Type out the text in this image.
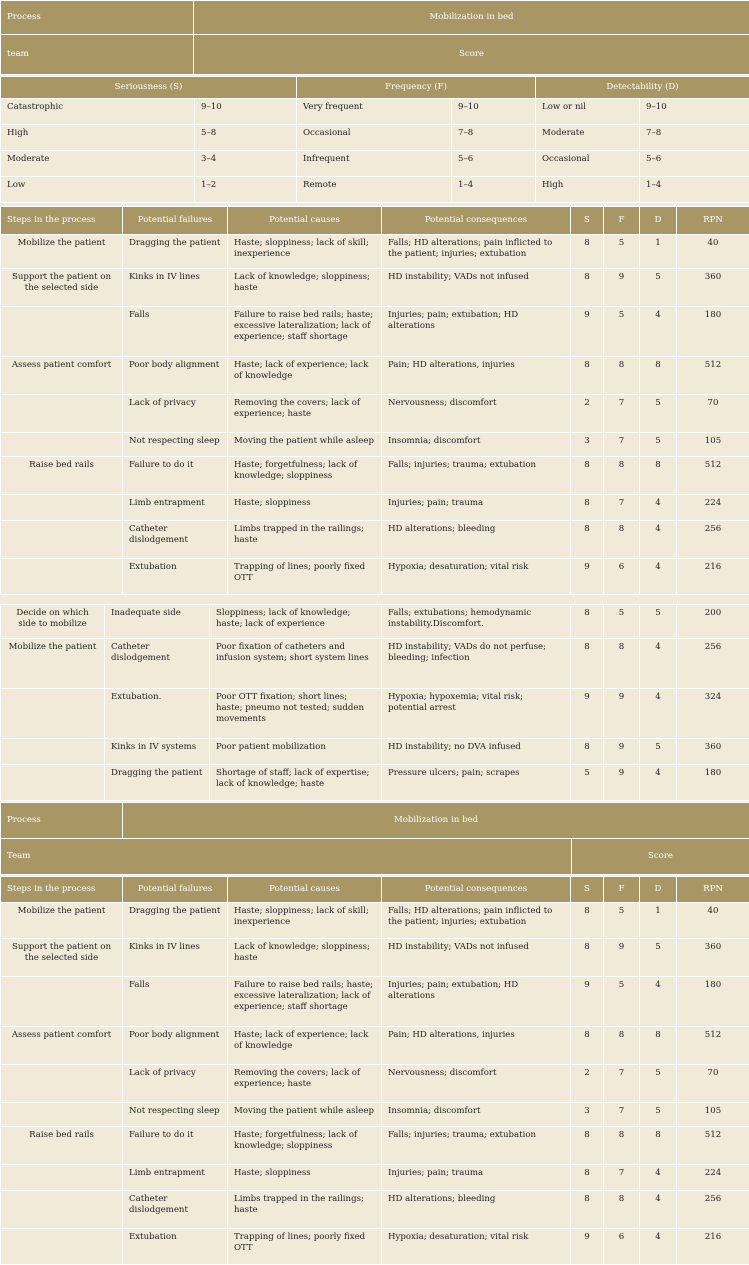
Process	Mobilization in bed
team	Score
Seriousness (S)		Frequency (F)		Detectability (D)	
Catastrophic	9–10	Very frequent	9–10	Low or nil	9–10
High	5–8	Occasional	7–8	Moderate	7–8
Moderate	3–4	Infrequent	5–6	Occasional	5–6
Low	1–2	Remote	1–4	High	1–4
Steps in the process	Potential failures	Potential causes	Potential consequences	S	F	D	RPN
Mobilize the patient	Dragging the patient	Haste; sloppiness; lack of skill; inexperience	Falls; HD alterations; pain inflicted to the patient; injuries; extubation	8	5	1	40
Support the patient on the selected side	Kinks in IV lines	Lack of knowledge; sloppiness; haste	HD instability; VADs not infused	8	9	5	360
	Falls	Failure to raise bed rails; haste; excessive lateralization; lack of experience; staff shortage	Injuries; pain; extubation; HD alterations	9	5	4	180
Assess patient comfort	Poor body alignment	Haste; lack of experience; lack of knowledge	Pain; HD alterations, injuries	8	8	8	512
	Lack of privacy	Removing the covers; lack of experience; haste	Nervousness; discomfort	2	7	5	70
	Not respecting sleep	Moving the patient while asleep	Insomnia; discomfort	3	7	5	105
Raise bed rails	Failure to do it	Haste; forgetfulness; lack of knowledge; sloppiness	Falls; injuries; trauma; extubation	8	8	8	512
	Limb entrapment	Haste; sloppiness	Injuries; pain; trauma	8	7	4	224
	Catheter dislodgement	Limbs trapped in the railings; haste	HD alterations; bleeding	8	8	4	256
	Extubation	Trapping of lines; poorly fixed OTT	Hypoxia; desaturation; vital risk	9	6	4	216
Decide on which side to mobilize	Inadequate side	Sloppiness; lack of knowledge; haste; lack of experience	Falls; extubations; hemodynamic instability.Discomfort.	8	5	5	200
Mobilize the patient	Catheter dislodgement	Poor fixation of catheters and infusion system; short system lines	HD instability; VADs do not perfuse; bleeding; infection	8	8	4	256
	Extubation.	Poor OTT fixation; short lines; haste; pneumo not tested; sudden movements	Hypoxia; hypoxemia; vital risk; potential arrest	9	9	4	324
	Kinks in IV systems	Poor patient mobilization	HD instability; no DVA infused	8	9	5	360
	Dragging the patient	Shortage of staff; lack of expertise; lack of knowledge; haste	Pressure ulcers; pain; scrapes	5	9	4	180
Process	Mobilization in bed	
Team		Score
Steps in the process	Potential failures	Potential causes	Potential consequences	S	F	D	RPN
Mobilize the patient	Dragging the patient	Haste; sloppiness; lack of skill; inexperience	Falls; HD alterations; pain inflicted to the patient; injuries; extubation	8	5	1	40
Support the patient on the selected side	Kinks in IV lines	Lack of knowledge; sloppiness; haste	HD instability; VADs not infused	8	9	5	360
	Falls	Failure to raise bed rails; haste; excessive lateralization; lack of experience; staff shortage	Injuries; pain; extubation; HD alterations	9	5	4	180
Assess patient comfort	Poor body alignment	Haste; lack of experience; lack of knowledge	Pain; HD alterations, injuries	8	8	8	512
	Lack of privacy	Removing the covers; lack of experience; haste	Nervousness; discomfort	2	7	5	70
	Not respecting sleep	Moving the patient while asleep	Insomnia; discomfort	3	7	5	105
Raise bed rails	Failure to do it	Haste; forgetfulness; lack of knowledge; sloppiness	Falls; injuries; trauma; extubation	8	8	8	512
	Limb entrapment	Haste; sloppiness	Injuries; pain; trauma	8	7	4	224
	Catheter dislodgement	Limbs trapped in the railings; haste	HD alterations; bleeding	8	8	4	256
	Extubation	Trapping of lines; poorly fixed OTT	Hypoxia; desaturation; vital risk	9	6	4	216
